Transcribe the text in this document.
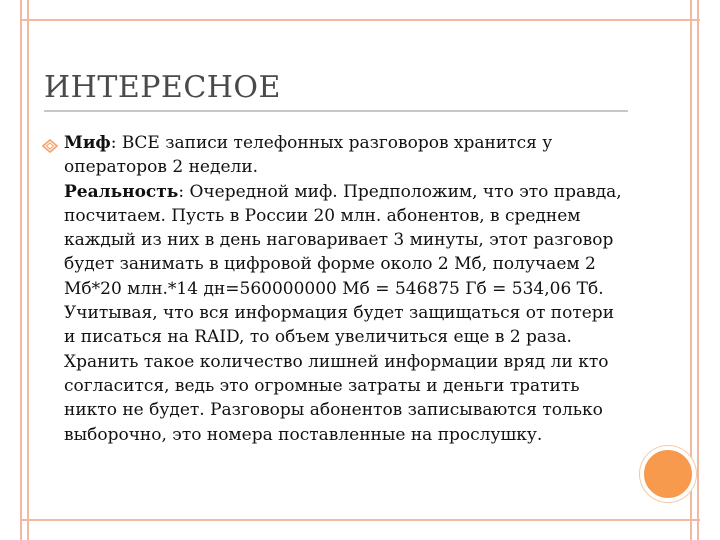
ИНТЕРЕСНОЕ

Миф: ВСЕ записи телефонных разговоров хранится у операторов 2 недели.

Реальность: Очередной миф. Предположим, что это правда, посчитаем. Пусть в России 20 млн. абонентов, в среднем каждый из них в день наговаривает 3 минуты, этот разговор будет занимать в цифровой форме около 2 Мб, получаем 2 Мб*20 млн.*14 дн=560000000 Мб = 546875 Гб = 534,06 Тб. Учитывая, что вся информация будет защищаться от потери и писаться на RAID, то объем увеличиться еще в 2 раза. Хранить такое количество лишней информации вряд ли кто согласится, ведь это огромные затраты и деньги тратить никто не будет. Разговоры абонентов записываются только выборочно, это номера поставленные на прослушку.
